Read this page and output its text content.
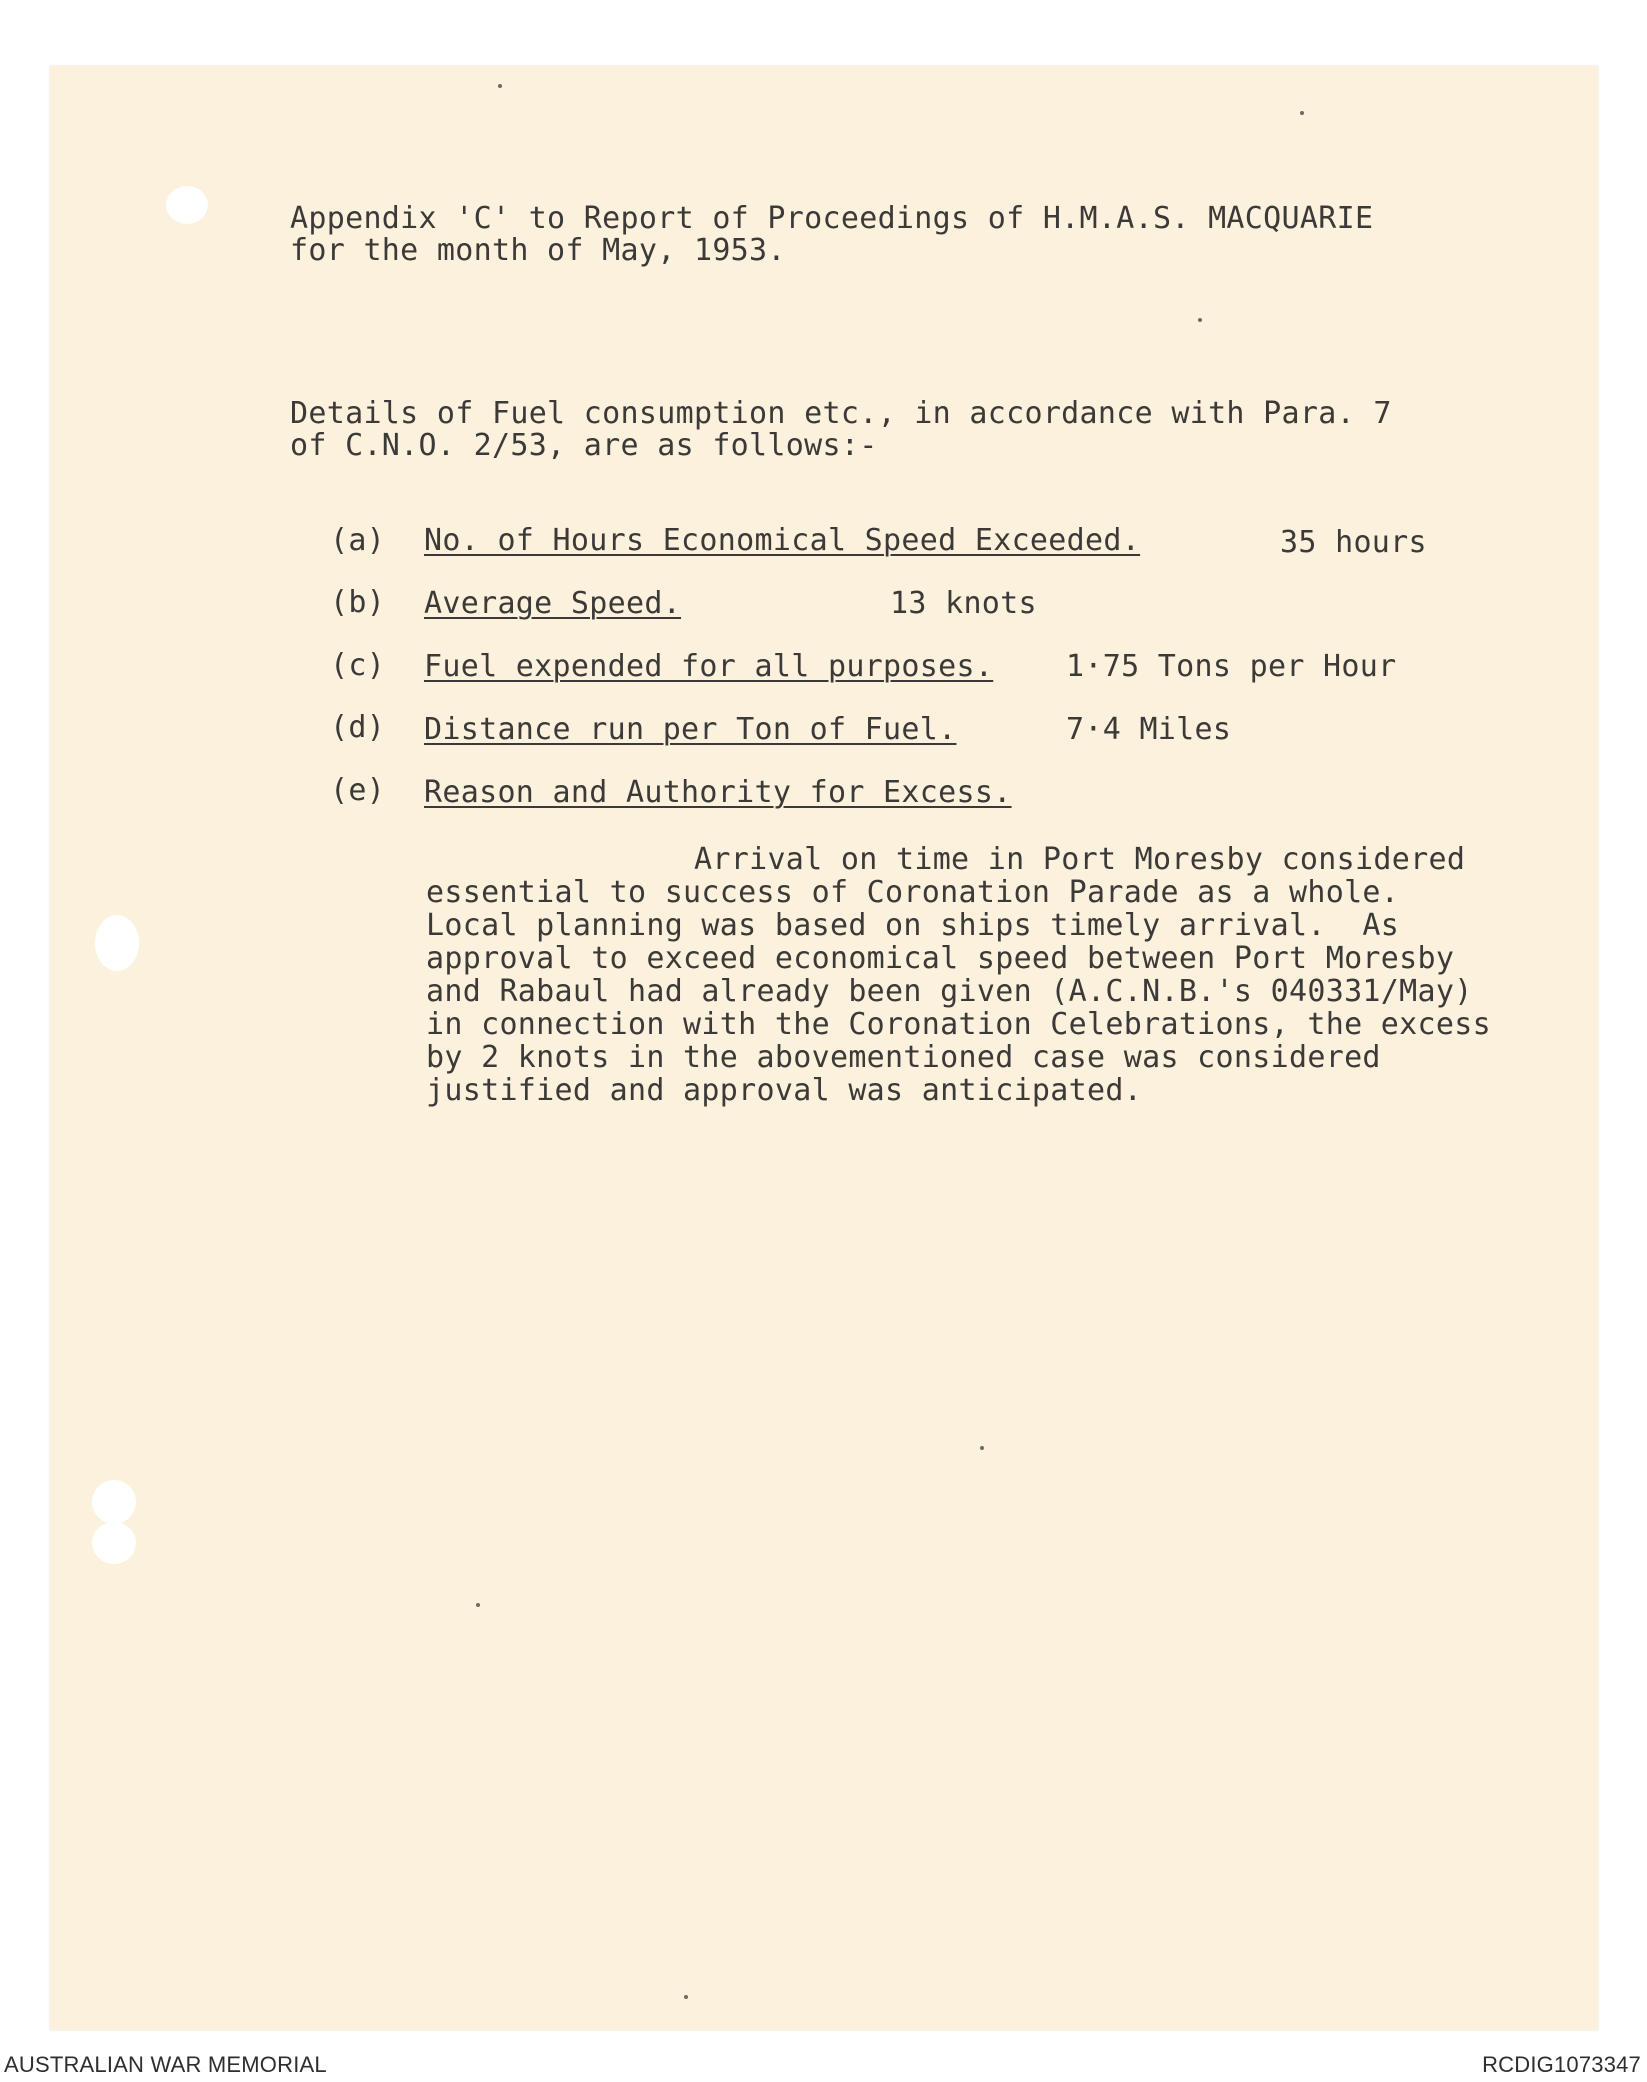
Appendix 'C' to Report of Proceedings of H.M.A.S. MACQUARIE
for the month of May, 1953.
Details of Fuel consumption etc., in accordance with Para. 7
of C.N.O. 2/53, are as follows:-
(a) No. of Hours Economical Speed Exceeded.	35 hours
(b) Average Speed.	13 knots
(c) Fuel expended for all purposes. 1·75 Tons per Hour
(d) Distance run per Ton of Fuel.	7·4 Miles
(e) Reason and Authority for Excess.
Arrival on time in Port Moresby considered
essential to success of Coronation Parade as a whole.
Local planning was based on ships timely arrival.  As
approval to exceed economical speed between Port Moresby
and Rabaul had already been given (A.C.N.B.'s 040331/May)
in connection with the Coronation Celebrations, the excess
by 2 knots in the abovementioned case was considered
justified and approval was anticipated.
AUSTRALIAN WAR MEMORIAL	RCDIG1073347
